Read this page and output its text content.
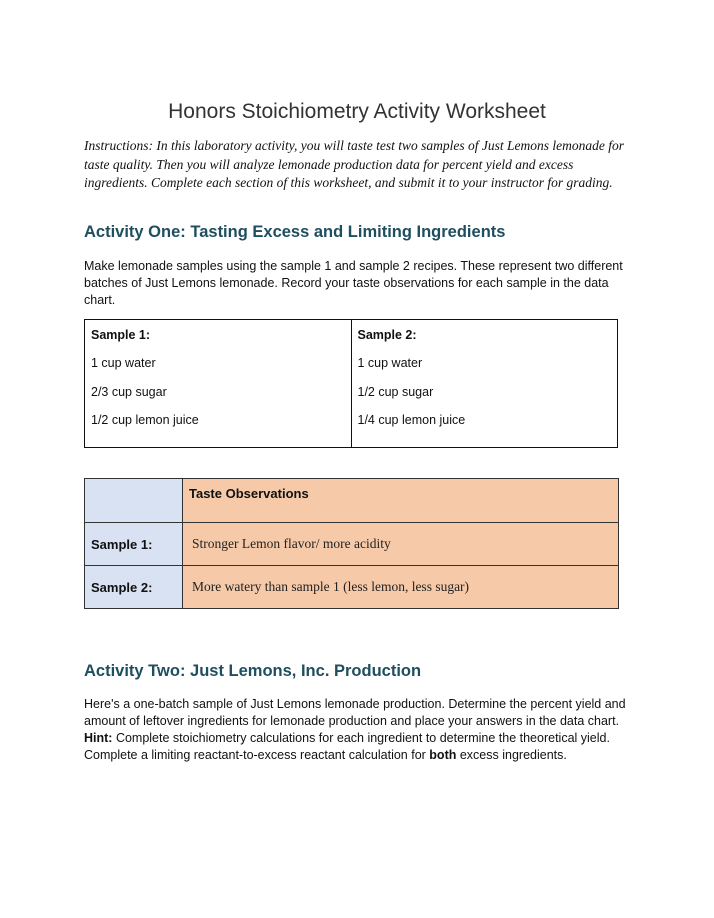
Honors Stoichiometry Activity Worksheet
Instructions: In this laboratory activity, you will taste test two samples of Just Lemons lemonade for taste quality. Then you will analyze lemonade production data for percent yield and excess ingredients. Complete each section of this worksheet, and submit it to your instructor for grading.
Activity One: Tasting Excess and Limiting Ingredients
Make lemonade samples using the sample 1 and sample 2 recipes. These represent two different batches of Just Lemons lemonade. Record your taste observations for each sample in the data chart.
Sample 1:
1 cup water
2/3 cup sugar
1/2 cup lemon juice
Sample 2:
1 cup water
1/2 cup sugar
1/4 cup lemon juice
Taste Observations
Sample 1:	Stronger Lemon flavor/ more acidity
Sample 2:	More watery than sample 1 (less lemon, less sugar)
Activity Two: Just Lemons, Inc. Production
Here's a one-batch sample of Just Lemons lemonade production. Determine the percent yield and amount of leftover ingredients for lemonade production and place your answers in the data chart. Hint: Complete stoichiometry calculations for each ingredient to determine the theoretical yield. Complete a limiting reactant-to-excess reactant calculation for both excess ingredients.
